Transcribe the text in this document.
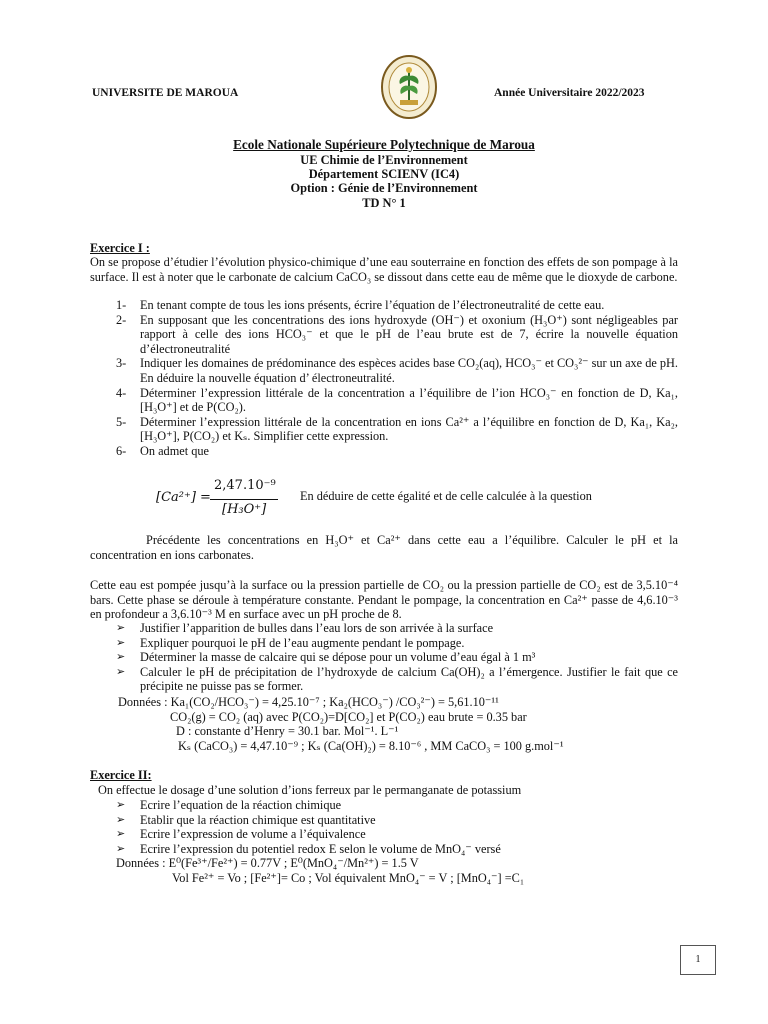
UNIVERSITE DE MAROUA	Année Universitaire 2022/2023
Ecole Nationale Supérieure Polytechnique de Maroua
UE Chimie de l’Environnement
Département SCIENV (IC4)
Option : Génie de l’Environnement
TD N° 1
Exercice I :
On se propose d’étudier l’évolution physico-chimique d’une eau souterraine en fonction des effets de son pompage à la surface. Il est à noter que le carbonate de calcium CaCO₃ se dissout dans cette eau de même que le dioxyde de carbone.
1- En tenant compte de tous les ions présents, écrire l’équation de l’électroneutralité de cette eau.
2- En supposant que les concentrations des ions hydroxyde (OH⁻) et oxonium (H₃O⁺) sont négligeables par rapport à celle des ions HCO₃⁻ et que le pH de l’eau brute est de 7, écrire la nouvelle équation d’électroneutralité
3- Indiquer les domaines de prédominance des espèces acides base CO₂(aq), HCO₃⁻ et CO₃²⁻ sur un axe de pH. En déduire la nouvelle équation d’ électroneutralité.
4- Déterminer l’expression littérale de la concentration a l’équilibre de l’ion HCO₃⁻ en fonction de D, Ka₁, [H₃O⁺] et de P(CO₂).
5- Déterminer l’expression littérale de la concentration en ions Ca²⁺ a l’équilibre en fonction de D, Ka₁, Ka₂, [H₃O⁺], P(CO₂) et Kₛ. Simplifier cette expression.
6- On admet que
[Ca²⁺] =
2,47.10⁻⁹
[H₃O⁺]
En déduire de cette égalité et de celle calculée à la question
Précédente les concentrations en H₃O⁺ et Ca²⁺ dans cette eau a l’équilibre. Calculer le pH et la concentration en ions carbonates.
Cette eau est pompée jusqu’à la surface ou la pression partielle de CO₂ ou la pression partielle de CO₂ est de 3,5.10⁻⁴ bars. Cette phase se déroule à température constante. Pendant le pompage, la concentration en Ca²⁺ passe de 4,6.10⁻³ en profondeur a 3,6.10⁻³ M en surface avec un pH proche de 8.
➢ Justifier l’apparition de bulles dans l’eau lors de son arrivée à la surface
➢ Expliquer pourquoi le pH de l’eau augmente pendant le pompage.
➢ Déterminer la masse de calcaire qui se dépose pour un volume d’eau égal à 1 m³
➢ Calculer le pH de précipitation de l’hydroxyde de calcium Ca(OH)₂ a l’émergence. Justifier le fait que ce précipite ne puisse pas se former.
Données : Ka₁(CO₂/HCO₃⁻) = 4,25.10⁻⁷ ; Ka₂(HCO₃⁻) /CO₃²⁻) = 5,61.10⁻¹¹
CO₂(g) = CO₂ (aq) avec P(CO₂)=D[CO₂] et P(CO₂) eau brute = 0.35 bar
D : constante d’Henry = 30.1 bar. Mol⁻¹. L⁻¹
Kₛ (CaCO₃) = 4,47.10⁻⁹ ; Kₛ (Ca(OH)₂) = 8.10⁻⁶ , MM CaCO₃ = 100 g.mol⁻¹
Exercice II:
On effectue le dosage d’une solution d’ions ferreux par le permanganate de potassium
➢ Ecrire l’equation de la réaction chimique
➢ Etablir que la réaction chimique est quantitative
➢ Ecrire l’expression de volume a l’équivalence
➢ Ecrire l’expression du potentiel redox E selon le volume de MnO₄⁻ versé
Données : E⁰(Fe³⁺/Fe²⁺) = 0.77V ; E⁰(MnO₄⁻/Mn²⁺) = 1.5 V
Vol Fe²⁺ = Vo ; [Fe²⁺]= Co ; Vol équivalent MnO₄⁻ = V ; [MnO₄⁻] =C₁
1
